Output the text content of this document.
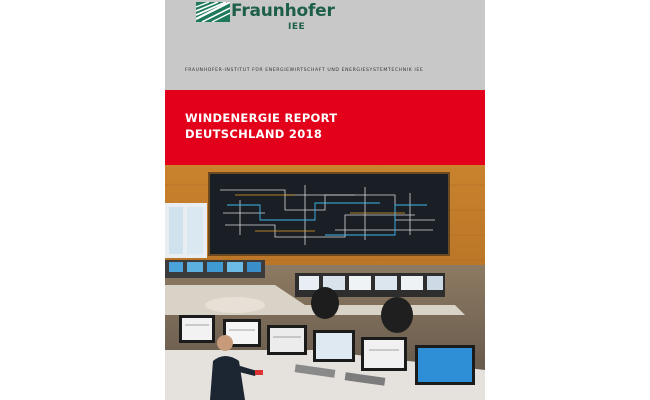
Fraunhofer
IEE
FRAUNHOFER-INSTITUT FÜR ENERGIEWIRTSCHAFT UND ENERGIESYSTEMTECHNIK IEE
WINDENERGIE REPORT
DEUTSCHLAND 2018
